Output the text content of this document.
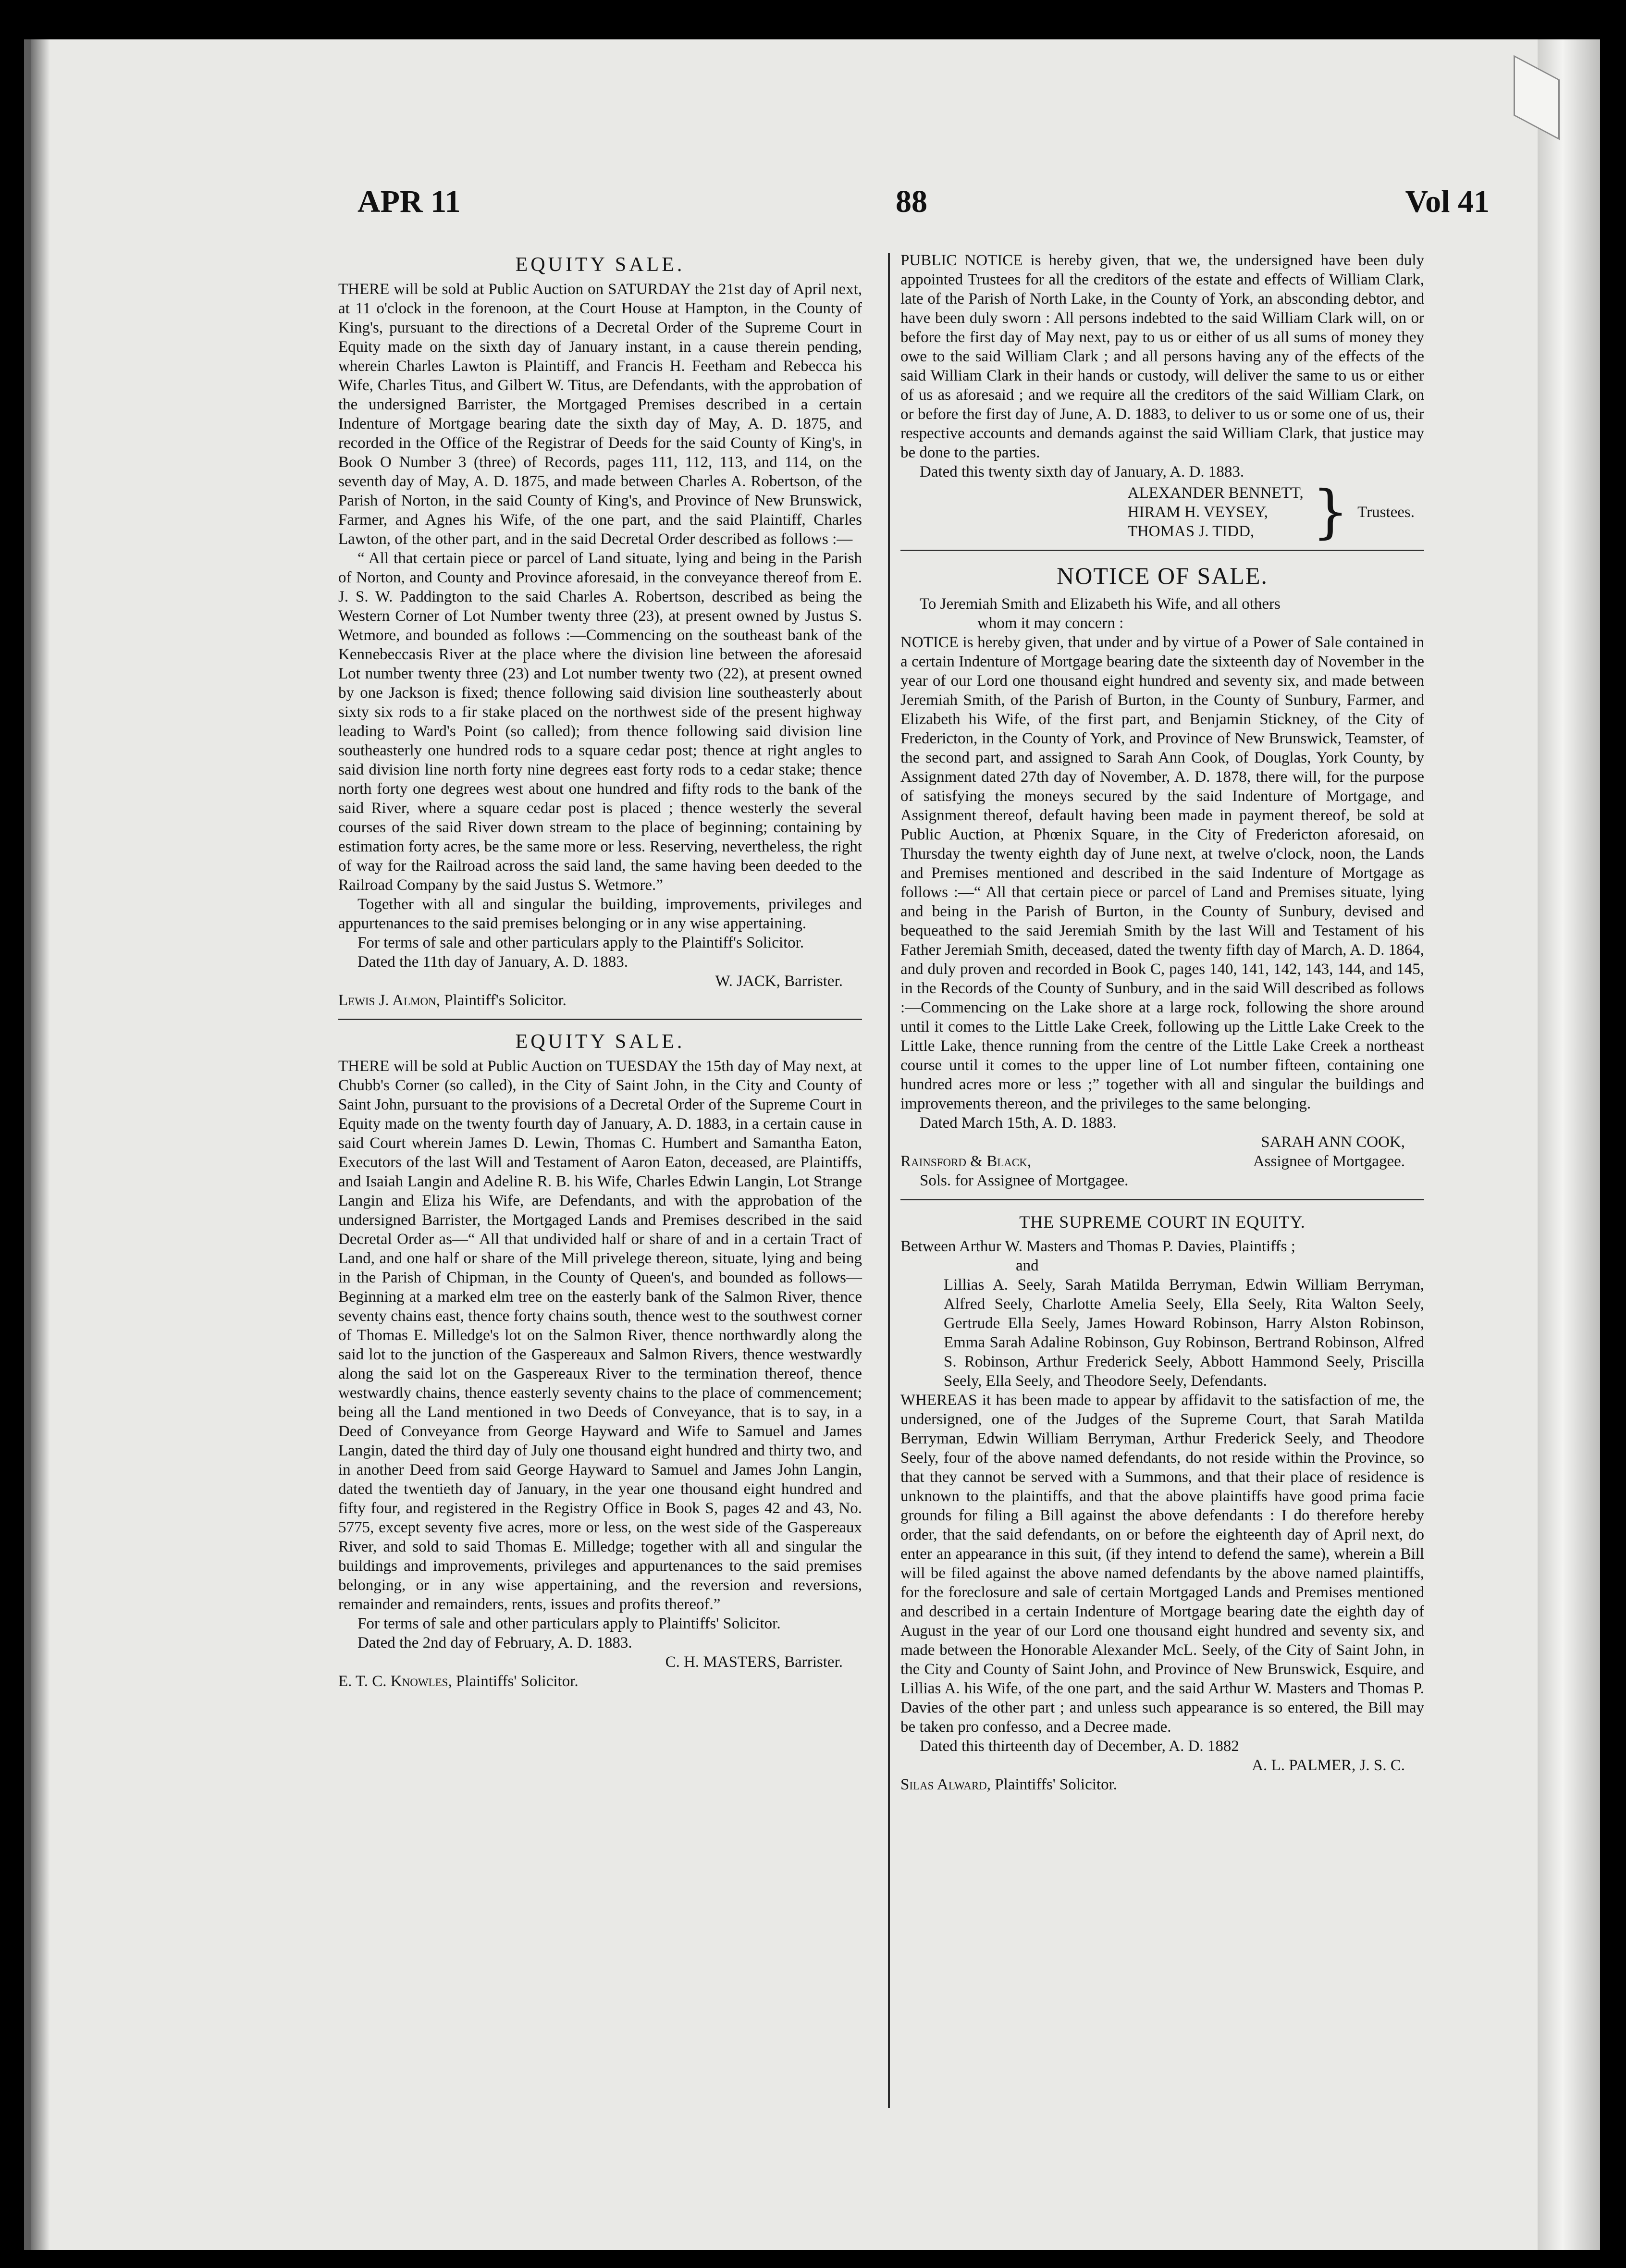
APR 11	88	Vol 41
EQUITY SALE.

THERE will be sold at Public Auction on SATURDAY the 21st day of April next, at 11 o'clock in the forenoon, at the Court House at Hampton, in the County of King's, pursuant to the directions of a Decretal Order of the Supreme Court in Equity made on the sixth day of January instant, in a cause therein pending, wherein Charles Lawton is Plaintiff, and Francis H. Feetham and Rebecca his Wife, Charles Titus, and Gilbert W. Titus, are Defendants, with the approbation of the undersigned Barrister, the Mortgaged Premises described in a certain Indenture of Mortgage bearing date the sixth day of May, A. D. 1875, and recorded in the Office of the Registrar of Deeds for the said County of King's, in Book O Number 3 (three) of Records, pages 111, 112, 113, and 114, on the seventh day of May, A. D. 1875, and made between Charles A. Robertson, of the Parish of Norton, in the said County of King's, and Province of New Brunswick, Farmer, and Agnes his Wife, of the one part, and the said Plaintiff, Charles Lawton, of the other part, and in the said Decretal Order described as follows :—

“ All that certain piece or parcel of Land situate, lying and being in the Parish of Norton, and County and Province aforesaid, in the conveyance thereof from E. J. S. W. Paddington to the said Charles A. Robertson, described as being the Western Corner of Lot Number twenty three (23), at present owned by Justus S. Wetmore, and bounded as follows :—Commencing on the southeast bank of the Kennebeccasis River at the place where the division line between the aforesaid Lot number twenty three (23) and Lot number twenty two (22), at present owned by one Jackson is fixed; thence following said division line southeasterly about sixty six rods to a fir stake placed on the northwest side of the present highway leading to Ward's Point (so called); from thence following said division line southeasterly one hundred rods to a square cedar post; thence at right angles to said division line north forty nine degrees east forty rods to a cedar stake; thence north forty one degrees west about one hundred and fifty rods to the bank of the said River, where a square cedar post is placed ; thence westerly the several courses of the said River down stream to the place of beginning; containing by estimation forty acres, be the same more or less. Reserving, nevertheless, the right of way for the Railroad across the said land, the same having been deeded to the Railroad Company by the said Justus S. Wetmore.”

Together with all and singular the building, improvements, privileges and appurtenances to the said premises belonging or in any wise appertaining.

For terms of sale and other particulars apply to the Plaintiff's Solicitor.

Dated the 11th day of January, A. D. 1883.

W. JACK, Barrister.

Lewis J. Almon, Plaintiff's Solicitor.

EQUITY SALE.

THERE will be sold at Public Auction on TUESDAY the 15th day of May next, at Chubb's Corner (so called), in the City of Saint John, in the City and County of Saint John, pursuant to the provisions of a Decretal Order of the Supreme Court in Equity made on the twenty fourth day of January, A. D. 1883, in a certain cause in said Court wherein James D. Lewin, Thomas C. Humbert and Samantha Eaton, Executors of the last Will and Testament of Aaron Eaton, deceased, are Plaintiffs, and Isaiah Langin and Adeline R. B. his Wife, Charles Edwin Langin, Lot Strange Langin and Eliza his Wife, are Defendants, and with the approbation of the undersigned Barrister, the Mortgaged Lands and Premises described in the said Decretal Order as—“ All that undivided half or share of and in a certain Tract of Land, and one half or share of the Mill privelege thereon, situate, lying and being in the Parish of Chipman, in the County of Queen's, and bounded as follows—Beginning at a marked elm tree on the easterly bank of the Salmon River, thence seventy chains east, thence forty chains south, thence west to the southwest corner of Thomas E. Milledge's lot on the Salmon River, thence northwardly along the said lot to the junction of the Gaspereaux and Salmon Rivers, thence westwardly along the said lot on the Gaspereaux River to the termination thereof, thence westwardly chains, thence easterly seventy chains to the place of commencement; being all the Land mentioned in two Deeds of Conveyance, that is to say, in a Deed of Conveyance from George Hayward and Wife to Samuel and James Langin, dated the third day of July one thousand eight hundred and thirty two, and in another Deed from said George Hayward to Samuel and James John Langin, dated the twentieth day of January, in the year one thousand eight hundred and fifty four, and registered in the Registry Office in Book S, pages 42 and 43, No. 5775, except seventy five acres, more or less, on the west side of the Gaspereaux River, and sold to said Thomas E. Milledge; together with all and singular the buildings and improvements, privileges and appurtenances to the said premises belonging, or in any wise appertaining, and the reversion and reversions, remainder and remainders, rents, issues and profits thereof.”

For terms of sale and other particulars apply to Plaintiffs' Solicitor.

Dated the 2nd day of February, A. D. 1883.

C. H. MASTERS, Barrister.

E. T. C. Knowles, Plaintiffs' Solicitor.

PUBLIC NOTICE is hereby given, that we, the undersigned have been duly appointed Trustees for all the creditors of the estate and effects of William Clark, late of the Parish of North Lake, in the County of York, an absconding debtor, and have been duly sworn : All persons indebted to the said William Clark will, on or before the first day of May next, pay to us or either of us all sums of money they owe to the said William Clark ; and all persons having any of the effects of the said William Clark in their hands or custody, will deliver the same to us or either of us as aforesaid ; and we require all the creditors of the said William Clark, on or before the first day of June, A. D. 1883, to deliver to us or some one of us, their respective accounts and demands against the said William Clark, that justice may be done to the parties.

Dated this twenty sixth day of January, A. D. 1883.

ALEXANDER BENNETT,
HIRAM H. VEYSEY,
THOMAS J. TIDD,	} Trustees.
NOTICE OF SALE.

To Jeremiah Smith and Elizabeth his Wife, and all others

whom it may concern :

NOTICE is hereby given, that under and by virtue of a Power of Sale contained in a certain Indenture of Mortgage bearing date the sixteenth day of November in the year of our Lord one thousand eight hundred and seventy six, and made between Jeremiah Smith, of the Parish of Burton, in the County of Sunbury, Farmer, and Elizabeth his Wife, of the first part, and Benjamin Stickney, of the City of Fredericton, in the County of York, and Province of New Brunswick, Teamster, of the second part, and assigned to Sarah Ann Cook, of Douglas, York County, by Assignment dated 27th day of November, A. D. 1878, there will, for the purpose of satisfying the moneys secured by the said Indenture of Mortgage, and Assignment thereof, default having been made in payment thereof, be sold at Public Auction, at Phœnix Square, in the City of Fredericton aforesaid, on Thursday the twenty eighth day of June next, at twelve o'clock, noon, the Lands and Premises mentioned and described in the said Indenture of Mortgage as follows :—“ All that certain piece or parcel of Land and Premises situate, lying and being in the Parish of Burton, in the County of Sunbury, devised and bequeathed to the said Jeremiah Smith by the last Will and Testament of his Father Jeremiah Smith, deceased, dated the twenty fifth day of March, A. D. 1864, and duly proven and recorded in Book C, pages 140, 141, 142, 143, 144, and 145, in the Records of the County of Sunbury, and in the said Will described as follows :—Commencing on the Lake shore at a large rock, following the shore around until it comes to the Little Lake Creek, following up the Little Lake Creek to the Little Lake, thence running from the centre of the Little Lake Creek a northeast course until it comes to the upper line of Lot number fifteen, containing one hundred acres more or less ;” together with all and singular the buildings and improvements thereon, and the privileges to the same belonging.

Dated March 15th, A. D. 1883.

SARAH ANN COOK,

Rainsford & Black,	Assignee of Mortgagee.

Sols. for Assignee of Mortgagee.

THE SUPREME COURT IN EQUITY.

Between Arthur W. Masters and Thomas P. Davies, Plaintiffs ;

and

Lillias A. Seely, Sarah Matilda Berryman, Edwin William Berryman, Alfred Seely, Charlotte Amelia Seely, Ella Seely, Rita Walton Seely, Gertrude Ella Seely, James Howard Robinson, Harry Alston Robinson, Emma Sarah Adaline Robinson, Guy Robinson, Bertrand Robinson, Alfred S. Robinson, Arthur Frederick Seely, Abbott Hammond Seely, Priscilla Seely, Ella Seely, and Theodore Seely, Defendants.

WHEREAS it has been made to appear by affidavit to the satisfaction of me, the undersigned, one of the Judges of the Supreme Court, that Sarah Matilda Berryman, Edwin William Berryman, Arthur Frederick Seely, and Theodore Seely, four of the above named defendants, do not reside within the Province, so that they cannot be served with a Summons, and that their place of residence is unknown to the plaintiffs, and that the above plaintiffs have good prima facie grounds for filing a Bill against the above defendants : I do therefore hereby order, that the said defendants, on or before the eighteenth day of April next, do enter an appearance in this suit, (if they intend to defend the same), wherein a Bill will be filed against the above named defendants by the above named plaintiffs, for the foreclosure and sale of certain Mortgaged Lands and Premises mentioned and described in a certain Indenture of Mortgage bearing date the eighth day of August in the year of our Lord one thousand eight hundred and seventy six, and made between the Honorable Alexander McL. Seely, of the City of Saint John, in the City and County of Saint John, and Province of New Brunswick, Esquire, and Lillias A. his Wife, of the one part, and the said Arthur W. Masters and Thomas P. Davies of the other part ; and unless such appearance is so entered, the Bill may be taken pro confesso, and a Decree made.

Dated this thirteenth day of December, A. D. 1882

A. L. PALMER, J. S. C.

Silas Alward, Plaintiffs' Solicitor.
